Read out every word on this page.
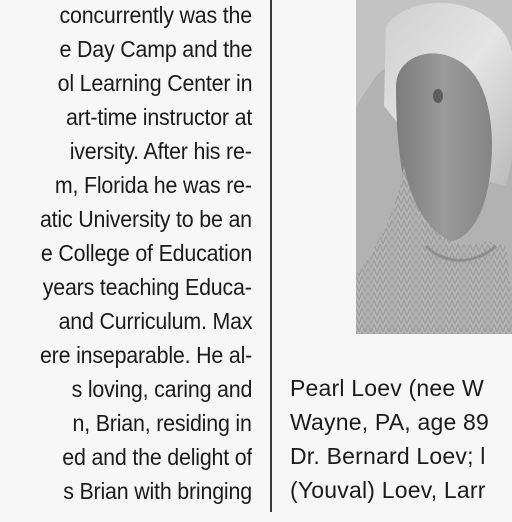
concurrently was the
e Day Camp and the
ol Learning Center in
art-time instructor at
iversity. After his re-
m, Florida he was re-
atic University to be an
e College of Education
years teaching Educa-
and Curriculum. Max
ere inseparable. He al-
s loving, caring and
n, Brian, residing in
ed and the delight of
s Brian with bringing
Pearl Loev (nee W
Wayne, PA, age 89
Dr. Bernard Loev; l
(Youval) Loev, Larr
